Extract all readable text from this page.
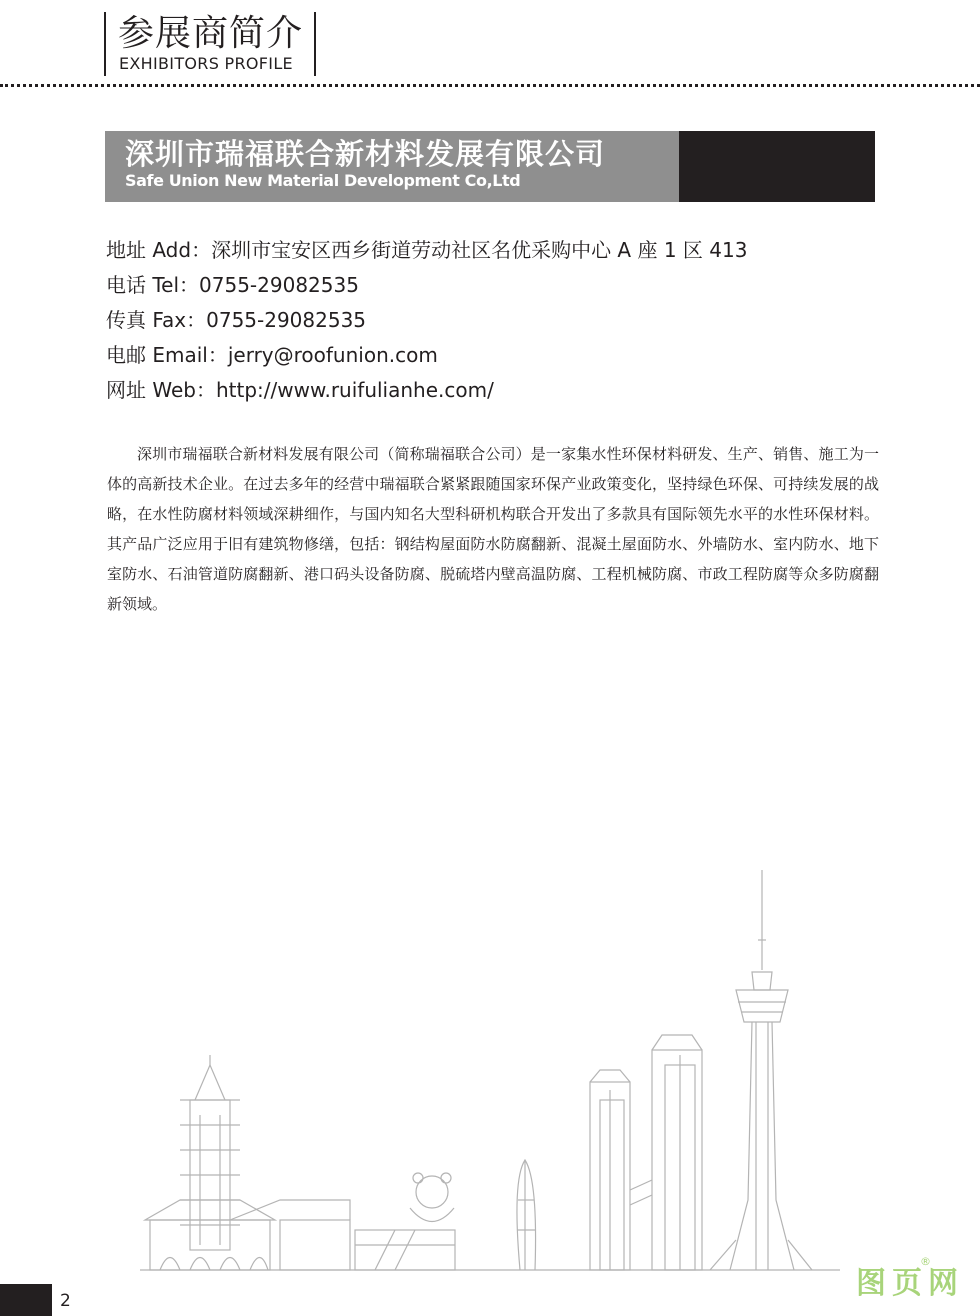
参展商简介
EXHIBITORS PROFILE
深圳市瑞福联合新材料发展有限公司
Safe Union New Material Development Co,Ltd
地址 Add：深圳市宝安区西乡街道劳动社区名优采购中心 A 座 1 区 413
电话 Tel：0755-29082535
传真 Fax：0755-29082535
电邮 Email：jerry@roofunion.com
网址 Web：http://www.ruifulianhe.com/

深圳市瑞福联合新材料发展有限公司（简称瑞福联合公司）是一家集水性环保材料研发、生产、销售、施工为一体的高新技术企业。在过去多年的经营中瑞福联合紧紧跟随国家环保产业政策变化，坚持绿色环保、可持续发展的战略，在水性防腐材料领域深耕细作，与国内知名大型科研机构联合开发出了多款具有国际领先水平的水性环保材料。其产品广泛应用于旧有建筑物修缮，包括：钢结构屋面防水防腐翻新、混凝土屋面防水、外墙防水、室内防水、地下室防水、石油管道防腐翻新、港口码头设备防腐、脱硫塔内壁高温防腐、工程机械防腐、市政工程防腐等众多防腐翻新领域。

2	图页网
®
